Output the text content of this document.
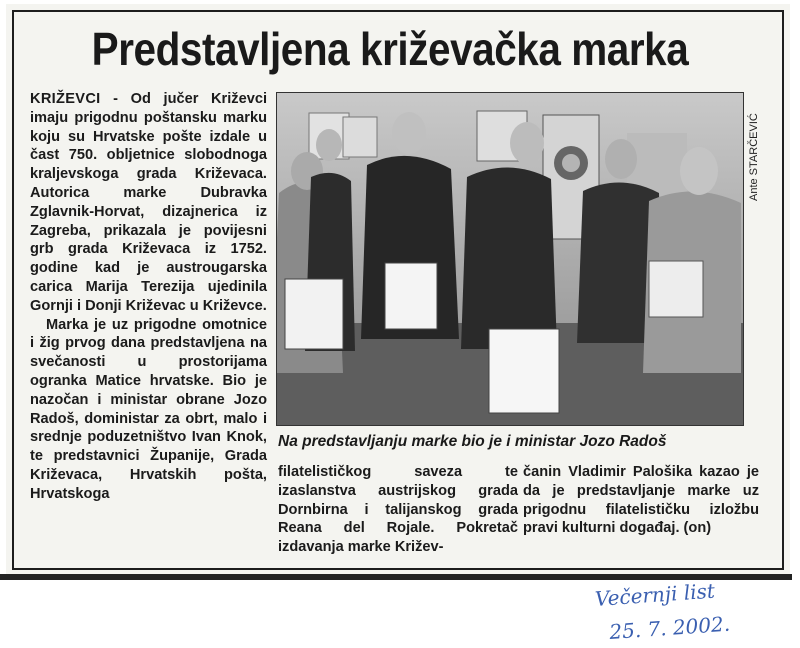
Predstavljena križevačka marka
KRIŽEVCI - Od jučer Križevci imaju prigodnu poštansku marku koju su Hrvatske pošte izdale u čast 750. obljetnice slobodnoga kraljevskoga grada Križevaca. Autorica marke Dubravka Zglavnik-Horvat, dizajnerica iz Zagreba, prikazala je povijesni grb grada Križevaca iz 1752. godine kad je austrougarska carica Marija Terezija ujedinila Gornji i Donji Križevac u Križevce.
Marka je uz prigodne omotnice i žig prvog dana predstavljena na svečanosti u prostorijama ogranka Matice hrvatske. Bio je nazočan i ministar obrane Jozo Radoš, doministar za obrt, malo i srednje poduzetništvo Ivan Knok, te predstavnici Županije, Grada Križevaca, Hrvatskih pošta, Hrvatskoga
Ante STARČEVIĆ

Na predstavljanju marke bio je i ministar Jozo Radoš

filatelističkog saveza te izaslanstva austrijskog grada Dornbirna i talijanskog grada Reana del Rojale. Pokretač izdavanja marke Križev-

čanin Vladimir Palošika kazao je da je predstavljanje marke uz prigodnu filatelističku izložbu pravi kulturni događaj. (on)

Večernji list
25. 7. 2002.
